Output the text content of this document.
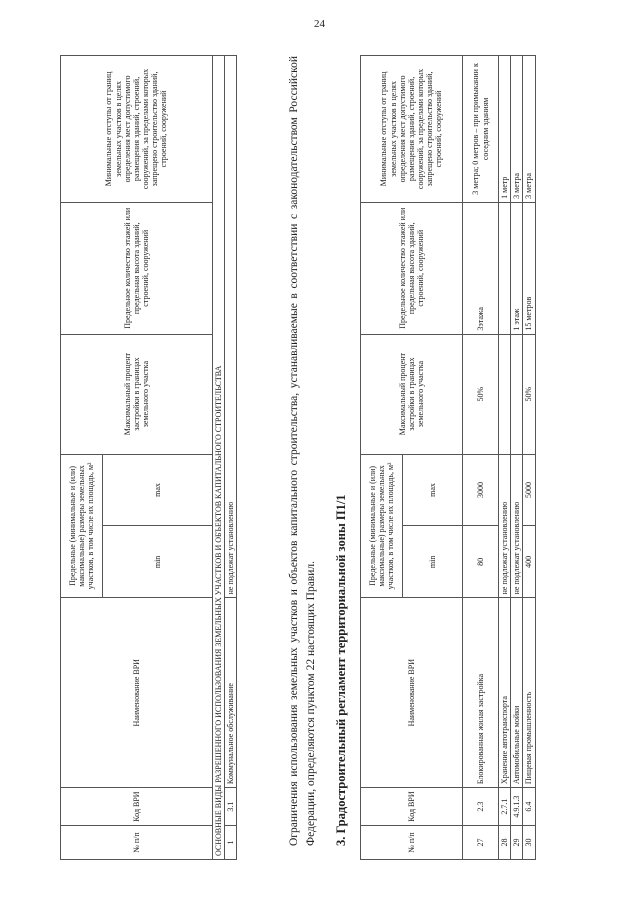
24
№ п/п	Код ВРИ	Наименование ВРИ	Предельные (минимальные и (или) максимальные) размеры земельных участков, в том числе их площадь, м²		Максимальный процент застройки в границах земельного участка	Предельное количество этажей или предельная высота зданий, строений, сооружений	Минимальные отступы от границ земельных участков в целях определения мест допустимого размещения зданий, строений, сооружений, за пределами которых запрещено строительство зданий, строений, сооружений
			min	max			
27	2.3	Блокированная жилая застройка	80	3000	50%	3этажа	3 метра; 0 метров – при примыкании к соседним зданиям
28	2.7.1	Хранение автотранспорта	не подлежат установлению				1 метр
29	4.9.1.3	Автомобильные мойки	не подлежат установлению			1 этаж	3 метра
30	6.4	Пищевая промышленность	400	5000	50%	15 метров	3 метра
Ограничения использования земельных участков и объектов капитального строительства, устанавливаемые в соответствии с законодательством Российской Федерации, определяются пунктом 22 настоящих Правил. 3. Градостроительный регламент территориальной зоны П1/1
№ п/п	Код ВРИ	Наименование ВРИ	Предельные (минимальные и (или) максимальные) размеры земельных участков, в том числе их площадь, м²		Максимальный процент застройки в границах земельного участка	Предельное количество этажей или предельная высота зданий, строений, сооружений	Минимальные отступы от границ земельных участков в целях определения мест допустимого размещения зданий, строений, сооружений, за пределами которых запрещено строительство зданий, строений, сооружений
			min	max			
ОСНОВНЫЕ ВИДЫ РАЗРЕШЕННОГО ИСПОЛЬЗОВАНИЯ ЗЕМЕЛЬНЫХ УЧАСТКОВ И ОБЪЕКТОВ КАПИТАЛЬНОГО СТРОИТЕЛЬСТВА							
1	3.1	Коммунальное обслуживание	не подлежат установлению				
